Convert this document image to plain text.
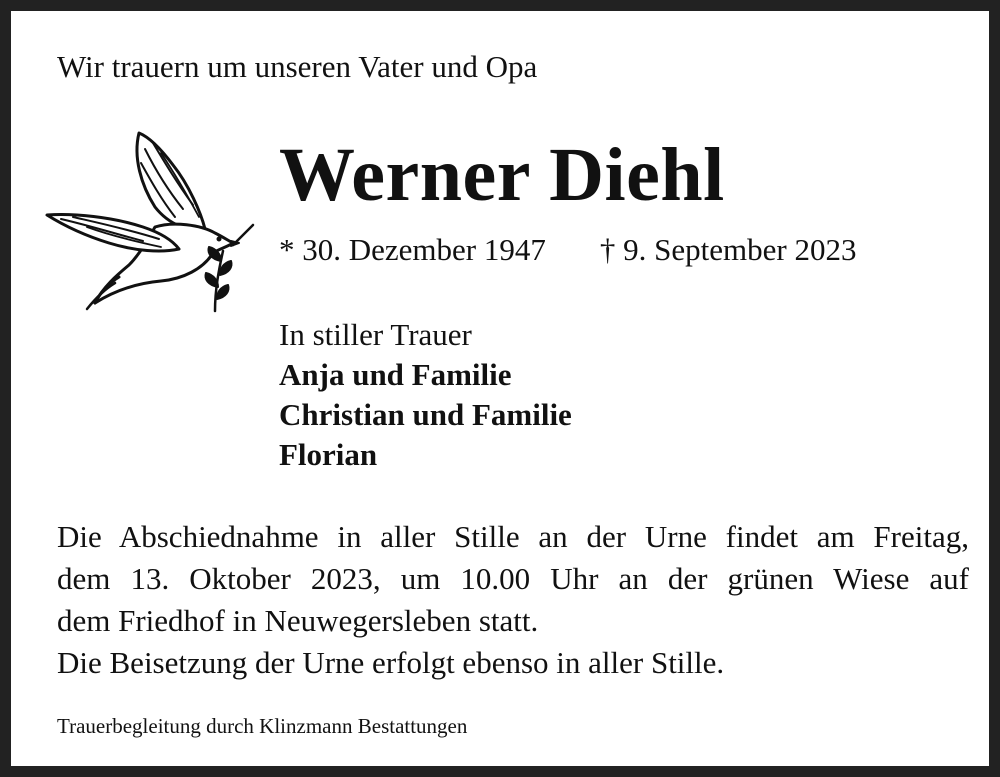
Wir trauern um unseren Vater und Opa
Werner Diehl
* 30. Dezember 1947 † 9. September 2023
In stiller Trauer
Anja und Familie
Christian und Familie
Florian
Die Abschiednahme in aller Stille an der Urne findet am Freitag,
dem 13. Oktober 2023, um 10.00 Uhr an der grünen Wiese auf
dem Friedhof in Neuwegersleben statt.
Die Beisetzung der Urne erfolgt ebenso in aller Stille.
Trauerbegleitung durch Klinzmann Bestattungen
